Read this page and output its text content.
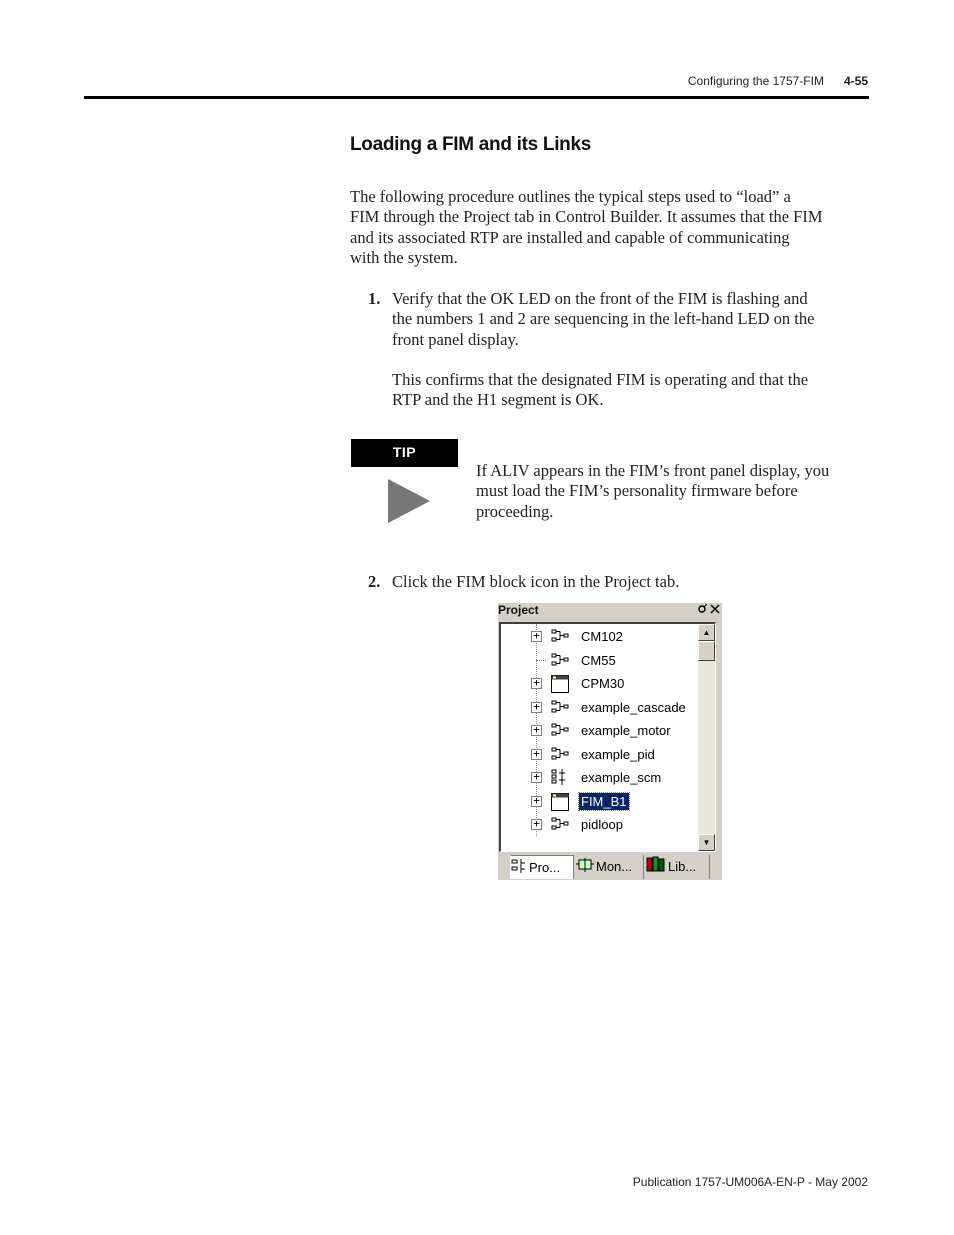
Configuring the 1757-FIM 4-55
Loading a FIM and its Links
The following procedure outlines the typical steps used to “load” a
FIM through the Project tab in Control Builder. It assumes that the FIM
and its associated RTP are installed and capable of communicating
with the system.
1. Verify that the OK LED on the front of the FIM is flashing and
the numbers 1 and 2 are sequencing in the left-hand LED on the
front panel display.
This confirms that the designated FIM is operating and that the
RTP and the H1 segment is OK.
TIP
If ALIV appears in the FIM’s front panel display, you
must load the FIM’s personality firmware before
proceeding.
2. Click the FIM block icon in the Project tab.
Project
+	CM102
CM55
+	CPM30
+	example_cascade
+	example_motor
+	example_pid
+	example_scm
+	FIM_B1
+	pidloop
▲
▼
Pro...	Mon...	Lib...
Publication 1757-UM006A-EN-P - May 2002
